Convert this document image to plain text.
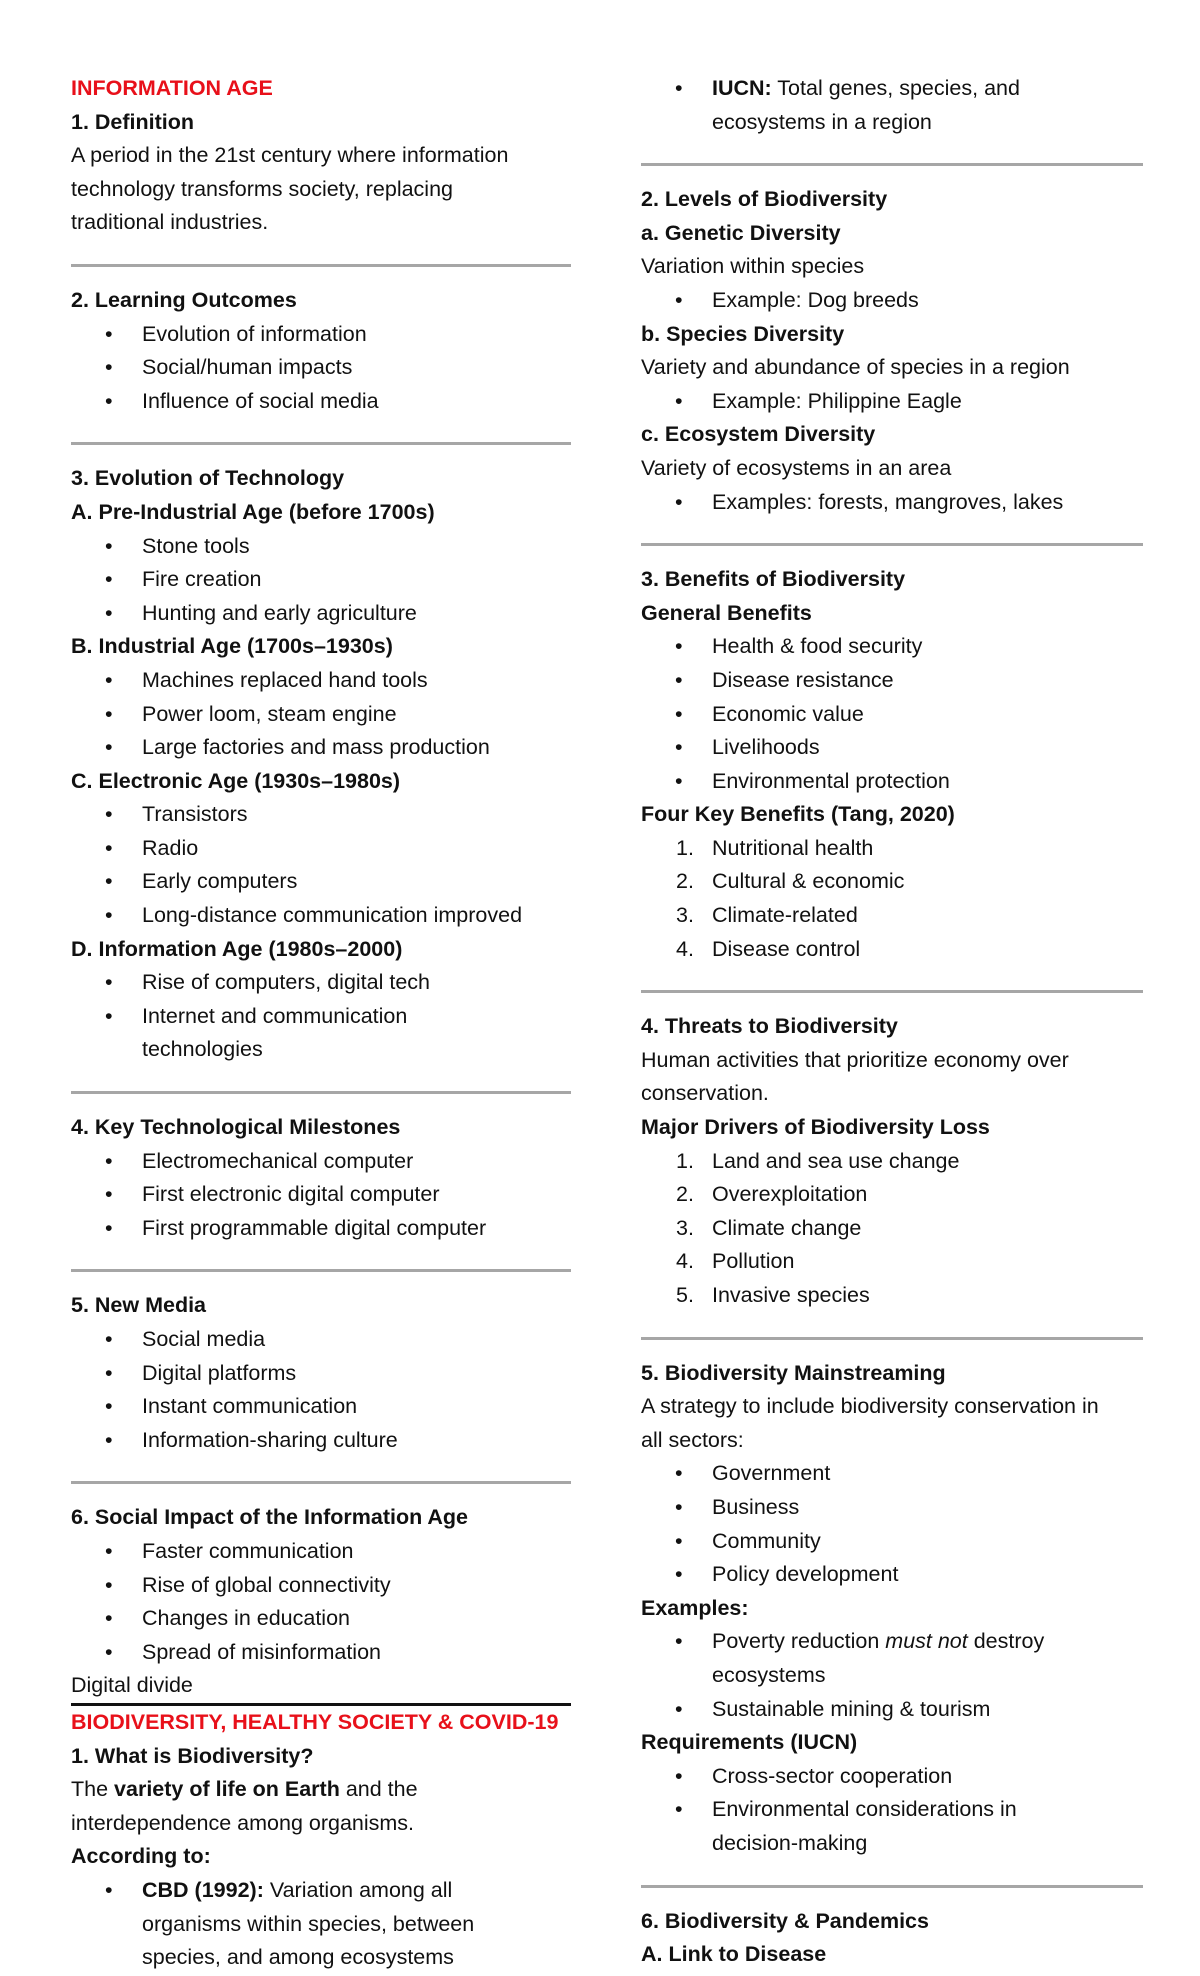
INFORMATION AGE

1. Definition

A period in the 21st century where information

technology transforms society, replacing

traditional industries.

2. Learning Outcomes

•	Evolution of information

•	Social/human impacts

•	Influence of social media

3. Evolution of Technology

A. Pre-Industrial Age (before 1700s)

•	Stone tools

•	Fire creation

•	Hunting and early agriculture

B. Industrial Age (1700s–1930s)

•	Machines replaced hand tools

•	Power loom, steam engine

•	Large factories and mass production

C. Electronic Age (1930s–1980s)

•	Transistors

•	Radio

•	Early computers

•	Long-distance communication improved

D. Information Age (1980s–2000)

•	Rise of computers, digital tech

•	Internet and communication

technologies

4. Key Technological Milestones

•	Electromechanical computer

•	First electronic digital computer

•	First programmable digital computer

5. New Media

•	Social media

•	Digital platforms

•	Instant communication

•	Information-sharing culture

6. Social Impact of the Information Age

•	Faster communication

•	Rise of global connectivity

•	Changes in education

•	Spread of misinformation

Digital divide

BIODIVERSITY, HEALTHY SOCIETY & COVID-19

1. What is Biodiversity?

The variety of life on Earth and the

interdependence among organisms.

According to:

•	CBD (1992): Variation among all

organisms within species, between

species, and among ecosystems

•	IUCN: Total genes, species, and

ecosystems in a region

2. Levels of Biodiversity

a. Genetic Diversity

Variation within species

•	Example: Dog breeds

b. Species Diversity

Variety and abundance of species in a region

•	Example: Philippine Eagle

c. Ecosystem Diversity

Variety of ecosystems in an area

•	Examples: forests, mangroves, lakes

3. Benefits of Biodiversity

General Benefits

•	Health & food security

•	Disease resistance

•	Economic value

•	Livelihoods

•	Environmental protection

Four Key Benefits (Tang, 2020)

1. Nutritional health

2. Cultural & economic

3. Climate-related

4. Disease control

4. Threats to Biodiversity

Human activities that prioritize economy over

conservation.

Major Drivers of Biodiversity Loss

1. Land and sea use change

2. Overexploitation

3. Climate change

4. Pollution

5. Invasive species

5. Biodiversity Mainstreaming

A strategy to include biodiversity conservation in

all sectors:

•	Government

•	Business

•	Community

•	Policy development

Examples:

•	Poverty reduction must not destroy

ecosystems

•	Sustainable mining & tourism

Requirements (IUCN)

•	Cross-sector cooperation

•	Environmental considerations in

decision-making

6. Biodiversity & Pandemics

A. Link to Disease
